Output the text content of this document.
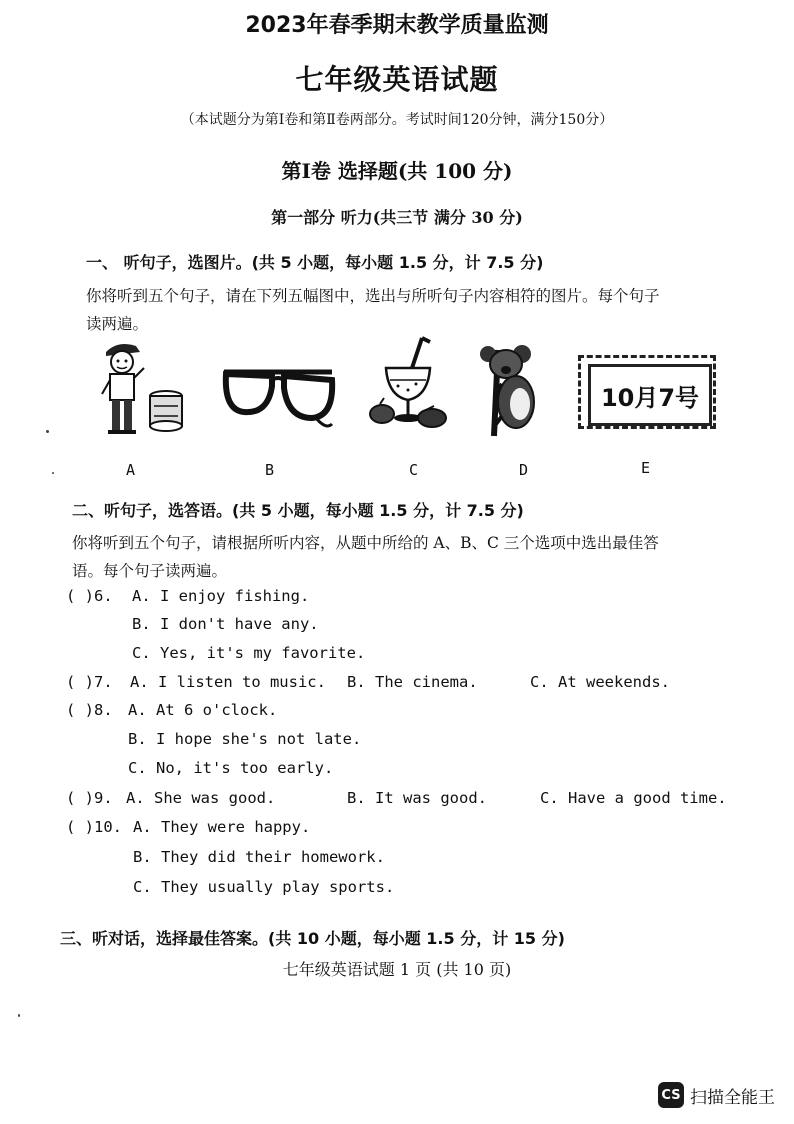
2023年春季期末教学质量监测
七年级英语试题
（本试题分为第Ⅰ卷和第Ⅱ卷两部分。考试时间120分钟，满分150分）
第Ⅰ卷 选择题(共 100 分)
第一部分 听力(共三节 满分 30 分)
一、 听句子，选图片。(共 5 小题，每小题 1.5 分，计 7.5 分)
你将听到五个句子，请在下列五幅图中，选出与所听句子内容相符的图片。每个句子
读两遍。
10月7号
A	B	C	D	E
二、听句子，选答语。(共 5 小题，每小题 1.5 分，计 7.5 分)
你将听到五个句子，请根据所听内容，从题中所给的 A、B、C 三个选项中选出最佳答
语。每个句子读两遍。
( )6. A. I enjoy fishing.
B. I don't have any.
C. Yes, it's my favorite.
( )7. A. I listen to music. B. The cinema.	C. At weekends.
( )8. A. At 6 o'clock.
B. I hope she's not late.
C. No, it's too early.
( )9. A. She was good.	B. It was good.	C. Have a good time.
( )10. A. They were happy.
B. They did their homework.
C. They usually play sports.
三、听对话，选择最佳答案。(共 10 小题，每小题 1.5 分，计 15 分)
七年级英语试题 1 页 (共 10 页)
CS 扫描全能王
